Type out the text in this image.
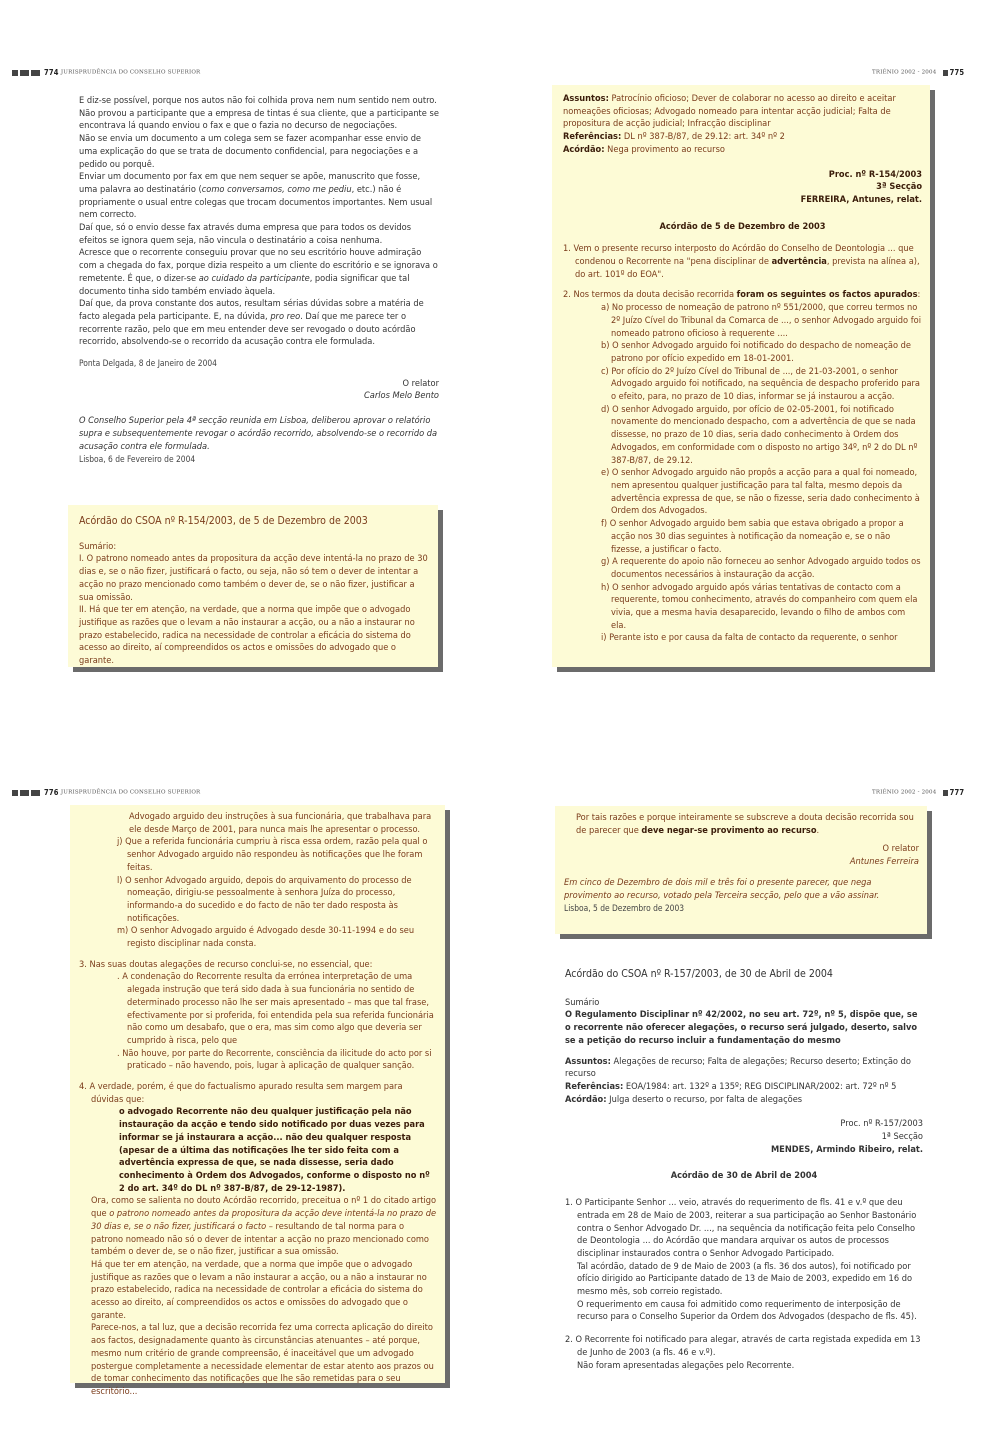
774 JURISPRUDÊNCIA DO CONSELHO SUPERIOR

E diz-se possível, porque nos autos não foi colhida prova nem num sentido nem outro.

Não provou a participante que a empresa de tintas é sua cliente, que a participante se encontrava lá quando enviou o fax e que o fazia no decurso de negociações.

Não se envia um documento a um colega sem se fazer acompanhar esse envio de uma explicação do que se trata de documento confidencial, para negociações e a pedido ou porquê.

Enviar um documento por fax em que nem sequer se apõe, manuscrito que fosse, uma palavra ao destinatário (como conversamos, como me pediu, etc.) não é propriamente o usual entre colegas que trocam documentos importantes. Nem usual nem correcto.

Daí que, só o envio desse fax através duma empresa que para todos os devidos efeitos se ignora quem seja, não vincula o destinatário a coisa nenhuma.

Acresce que o recorrente conseguiu provar que no seu escritório houve admiração com a chegada do fax, porque dizia respeito a um cliente do escritório e se ignorava o remetente. É que, o dizer-se ao cuidado da participante, podia significar que tal documento tinha sido também enviado àquela.

Daí que, da prova constante dos autos, resultam sérias dúvidas sobre a matéria de facto alegada pela participante. E, na dúvida, pro reo. Daí que me parece ter o recorrente razão, pelo que em meu entender deve ser revogado o douto acórdão recorrido, absolvendo-se o recorrido da acusação contra ele formulada.

Ponta Delgada, 8 de Janeiro de 2004

O relator

Carlos Melo Bento

O Conselho Superior pela 4ª secção reunida em Lisboa, deliberou aprovar o relatório supra e subsequentemente revogar o acórdão recorrido, absolvendo-se o recorrido da acusação contra ele formulada.

Lisboa, 6 de Fevereiro de 2004

Acórdão do CSOA nº R-154/2003, de 5 de Dezembro de 2003

Sumário:

I. O patrono nomeado antes da propositura da acção deve intentá-la no prazo de 30 dias e, se o não fizer, justificará o facto, ou seja, não só tem o dever de intentar a acção no prazo mencionado como também o dever de, se o não fizer, justificar a sua omissão.

II. Há que ter em atenção, na verdade, que a norma que impõe que o advogado justifique as razões que o levam a não instaurar a acção, ou a não a instaurar no prazo estabelecido, radica na necessidade de controlar a eficácia do sistema do acesso ao direito, aí compreendidos os actos e omissões do advogado que o garante.

TRIÉNIO 2002 - 2004 775

Assuntos: Patrocínio oficioso; Dever de colaborar no acesso ao direito e aceitar nomeações oficiosas; Advogado nomeado para intentar acção judicial; Falta de propositura de acção judicial; Infracção disciplinar

Referências: DL nº 387-B/87, de 29.12: art. 34º nº 2

Acórdão: Nega provimento ao recurso

Proc. nº R-154/2003

3ª Secção

FERREIRA, Antunes, relat.

Acórdão de 5 de Dezembro de 2003

1. Vem o presente recurso interposto do Acórdão do Conselho de Deontologia ... que condenou o Recorrente na "pena disciplinar de advertência, prevista na alínea a), do art. 101º do EOA".

2. Nos termos da douta decisão recorrida foram os seguintes os factos apurados:

a) No processo de nomeação de patrono nº 551/2000, que correu termos no 2º Juízo Cível do Tribunal da Comarca de ..., o senhor Advogado arguido foi nomeado patrono oficioso à requerente ....

b) O senhor Advogado arguido foi notificado do despacho de nomeação de patrono por ofício expedido em 18-01-2001.

c) Por ofício do 2º Juízo Cível do Tribunal de ..., de 21-03-2001, o senhor Advogado arguido foi notificado, na sequência de despacho proferido para o efeito, para, no prazo de 10 dias, informar se já instaurou a acção.

d) O senhor Advogado arguido, por ofício de 02-05-2001, foi notificado novamente do mencionado despacho, com a advertência de que se nada dissesse, no prazo de 10 dias, seria dado conhecimento à Ordem dos Advogados, em conformidade com o disposto no artigo 34º, nº 2 do DL nº 387-B/87, de 29.12.

e) O senhor Advogado arguido não propôs a acção para a qual foi nomeado, nem apresentou qualquer justificação para tal falta, mesmo depois da advertência expressa de que, se não o fizesse, seria dado conhecimento à Ordem dos Advogados.

f) O senhor Advogado arguido bem sabia que estava obrigado a propor a acção nos 30 dias seguintes à notificação da nomeação e, se o não fizesse, a justificar o facto.

g) A requerente do apoio não forneceu ao senhor Advogado arguido todos os documentos necessários à instauração da acção.

h) O senhor advogado arguido após várias tentativas de contacto com a requerente, tomou conhecimento, através do companheiro com quem ela vivia, que a mesma havia desaparecido, levando o filho de ambos com ela.

i) Perante isto e por causa da falta de contacto da requerente, o senhor

776 JURISPRUDÊNCIA DO CONSELHO SUPERIOR

Advogado arguido deu instruções à sua funcionária, que trabalhava para ele desde Março de 2001, para nunca mais lhe apresentar o processo.

j) Que a referida funcionária cumpriu à risca essa ordem, razão pela qual o senhor Advogado arguido não respondeu às notificações que lhe foram feitas.

l) O senhor Advogado arguido, depois do arquivamento do processo de nomeação, dirigiu-se pessoalmente à senhora Juíza do processo, informando-a do sucedido e do facto de não ter dado resposta às notificações.

m) O senhor Advogado arguido é Advogado desde 30-11-1994 e do seu registo disciplinar nada consta.

3. Nas suas doutas alegações de recurso conclui-se, no essencial, que:

. A condenação do Recorrente resulta da errónea interpretação de uma alegada instrução que terá sido dada à sua funcionária no sentido de determinado processo não lhe ser mais apresentado – mas que tal frase, efectivamente por si proferida, foi entendida pela sua referida funcionária não como um desabafo, que o era, mas sim como algo que deveria ser cumprido à risca, pelo que

. Não houve, por parte do Recorrente, consciência da ilicitude do acto por si praticado – não havendo, pois, lugar à aplicação de qualquer sanção.

4. A verdade, porém, é que do factualismo apurado resulta sem margem para dúvidas que:

o advogado Recorrente não deu qualquer justificação pela não instauração da acção e tendo sido notificado por duas vezes para informar se já instaurara a acção... não deu qualquer resposta (apesar de a última das notificações lhe ter sido feita com a advertência expressa de que, se nada dissesse, seria dado conhecimento à Ordem dos Advogados, conforme o disposto no nº 2 do art. 34º do DL nº 387-B/87, de 29-12-1987).

Ora, como se salienta no douto Acórdão recorrido, preceitua o nº 1 do citado artigo que o patrono nomeado antes da propositura da acção deve intentá-la no prazo de 30 dias e, se o não fizer, justificará o facto – resultando de tal norma para o patrono nomeado não só o dever de intentar a acção no prazo mencionado como também o dever de, se o não fizer, justificar a sua omissão.

Há que ter em atenção, na verdade, que a norma que impõe que o advogado justifique as razões que o levam a não instaurar a acção, ou a não a instaurar no prazo estabelecido, radica na necessidade de controlar a eficácia do sistema do acesso ao direito, aí compreendidos os actos e omissões do advogado que o garante.

Parece-nos, a tal luz, que a decisão recorrida fez uma correcta aplicação do direito aos factos, designadamente quanto às circunstâncias atenuantes – até porque, mesmo num critério de grande compreensão, é inaceitável que um advogado postergue completamente a necessidade elementar de estar atento aos prazos ou de tomar conhecimento das notificações que lhe são remetidas para o seu escritório...

TRIÉNIO 2002 - 2004 777

Por tais razões e porque inteiramente se subscreve a douta decisão recorrida sou de parecer que deve negar-se provimento ao recurso.

O relator

Antunes Ferreira

Em cinco de Dezembro de dois mil e três foi o presente parecer, que nega provimento ao recurso, votado pela Terceira secção, pelo que a vão assinar.

Lisboa, 5 de Dezembro de 2003

Acórdão do CSOA nº R-157/2003, de 30 de Abril de 2004

Sumário

O Regulamento Disciplinar nº 42/2002, no seu art. 72º, nº 5, dispõe que, se o recorrente não oferecer alegações, o recurso será julgado, deserto, salvo se a petição do recurso incluir a fundamentação do mesmo

Assuntos: Alegações de recurso; Falta de alegações; Recurso deserto; Extinção do recurso

Referências: EOA/1984: art. 132º a 135º; REG DISCIPLINAR/2002: art. 72º nº 5

Acórdão: Julga deserto o recurso, por falta de alegações

Proc. nº R-157/2003

1ª Secção

MENDES, Armindo Ribeiro, relat.

Acórdão de 30 de Abril de 2004

1. O Participante Senhor ... veio, através do requerimento de fls. 41 e v.º que deu entrada em 28 de Maio de 2003, reiterar a sua participação ao Senhor Bastonário contra o Senhor Advogado Dr. ..., na sequência da notificação feita pelo Conselho de Deontologia ... do Acórdão que mandara arquivar os autos de processos disciplinar instaurados contra o Senhor Advogado Participado.

Tal acórdão, datado de 9 de Maio de 2003 (a fls. 36 dos autos), foi notificado por ofício dirigido ao Participante datado de 13 de Maio de 2003, expedido em 16 do mesmo mês, sob correio registado.

O requerimento em causa foi admitido como requerimento de interposição de recurso para o Conselho Superior da Ordem dos Advogados (despacho de fls. 45).

2. O Recorrente foi notificado para alegar, através de carta registada expedida em 13 de Junho de 2003 (a fls. 46 e v.º).

Não foram apresentadas alegações pelo Recorrente.
